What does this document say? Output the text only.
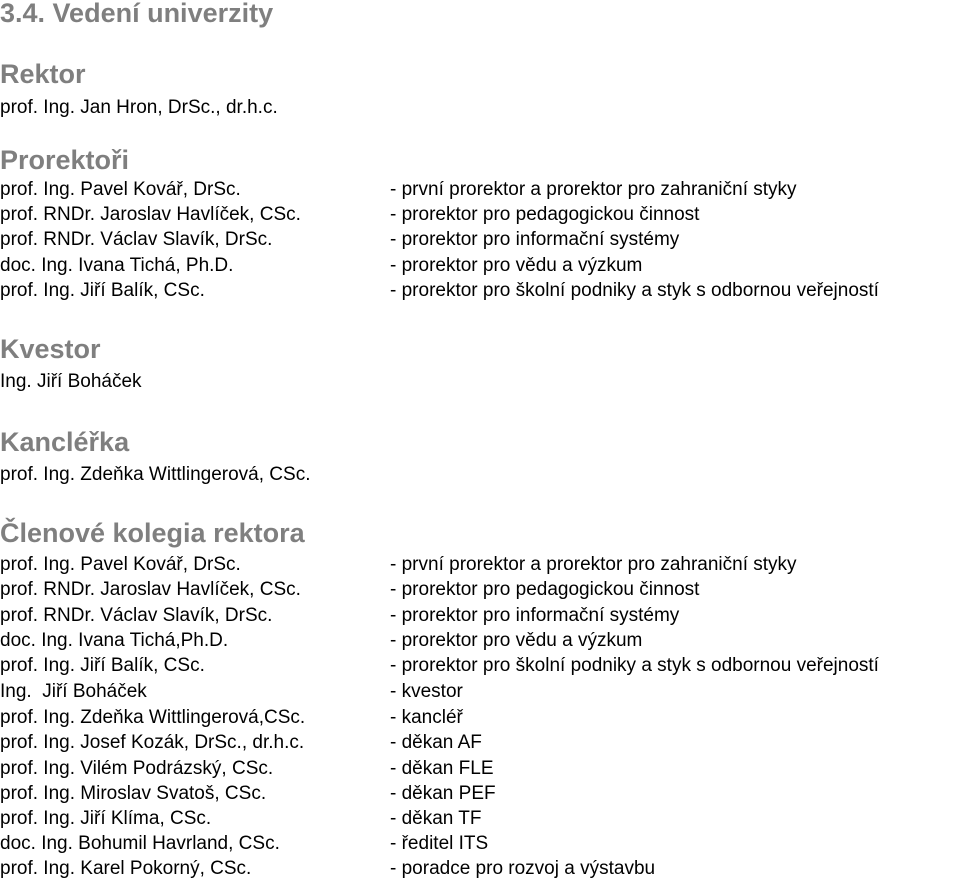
3.4. Vedení univerzity
Rektor

prof. Ing. Jan Hron, DrSc., dr.h.c.

Prorektoři
prof. Ing. Pavel Kovář, DrSc.	- první prorektor a prorektor pro zahraniční styky
prof. RNDr. Jaroslav Havlíček, CSc.	- prorektor pro pedagogickou činnost
prof. RNDr. Václav Slavík, DrSc.	- prorektor pro informační systémy
doc. Ing. Ivana Tichá, Ph.D.	- prorektor pro vědu a výzkum
prof. Ing. Jiří Balík, CSc.	- prorektor pro školní podniky a styk s odbornou veřejností
Kvestor

Ing. Jiří Boháček

Kancléřka

prof. Ing. Zdeňka Wittlingerová, CSc.

Členové kolegia rektora
prof. Ing. Pavel Kovář, DrSc.	- první prorektor a prorektor pro zahraniční styky
prof. RNDr. Jaroslav Havlíček, CSc.	- prorektor pro pedagogickou činnost
prof. RNDr. Václav Slavík, DrSc.	- prorektor pro informační systémy
doc. Ing. Ivana Tichá,Ph.D.	- prorektor pro vědu a výzkum
prof. Ing. Jiří Balík, CSc.	- prorektor pro školní podniky a styk s odbornou veřejností
Ing.  Jiří Boháček	- kvestor
prof. Ing. Zdeňka Wittlingerová,CSc.	- kancléř
prof. Ing. Josef Kozák, DrSc., dr.h.c.	- děkan AF
prof. Ing. Vilém Podrázský, CSc.	- děkan FLE
prof. Ing. Miroslav Svatoš, CSc.	- děkan PEF
prof. Ing. Jiří Klíma, CSc.	- děkan TF
doc. Ing. Bohumil Havrland, CSc.	- ředitel ITS
prof. Ing. Karel Pokorný, CSc.	- poradce pro rozvoj a výstavbu
